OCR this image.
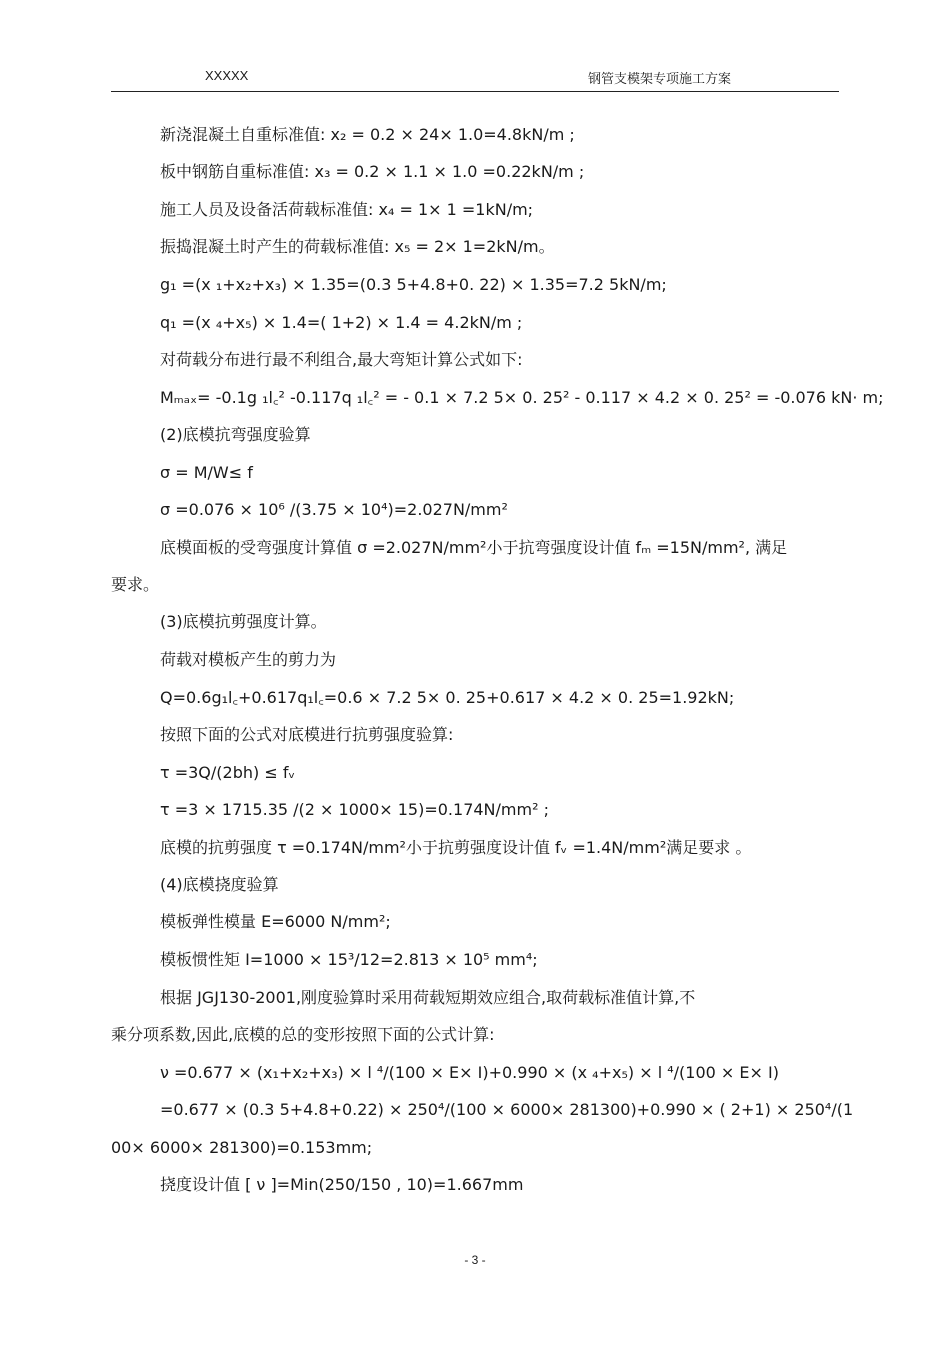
XXXXX	钢管支模架专项施工方案
新浇混凝土自重标准值: x₂ = 0.2 × 24× 1.0=4.8kN/m ;
板中钢筋自重标准值: x₃ = 0.2 × 1.1 × 1.0 =0.22kN/m ;
施工人员及设备活荷载标准值: x₄ = 1× 1 =1kN/m;
振捣混凝土时产生的荷载标准值: x₅ = 2× 1=2kN/m。
g₁ =(x ₁+x₂+x₃) × 1.35=(0.3 5+4.8+0. 22) × 1.35=7.2 5kN/m;
q₁ =(x ₄+x₅) × 1.4=( 1+2) × 1.4 = 4.2kN/m ;
对荷载分布进行最不利组合,最大弯矩计算公式如下:
Mₘₐₓ= -0.1g ₁l꜀² -0.117q ₁l꜀² = - 0.1 × 7.2 5× 0. 25² - 0.117 × 4.2 × 0. 25² = -0.076 kN· m;
(2)底模抗弯强度验算
σ = M/W≤ f
σ =0.076 × 10⁶ /(3.75 × 10⁴)=2.027N/mm²
底模面板的受弯强度计算值 σ =2.027N/mm²小于抗弯强度设计值 fₘ =15N/mm², 满足
要求。
(3)底模抗剪强度计算。
荷载对模板产生的剪力为
Q=0.6g₁l꜀+0.617q₁l꜀=0.6 × 7.2 5× 0. 25+0.617 × 4.2 × 0. 25=1.92kN;
按照下面的公式对底模进行抗剪强度验算:
τ =3Q/(2bh) ≤ fᵥ
τ =3 × 1715.35 /(2 × 1000× 15)=0.174N/mm² ;
底模的抗剪强度 τ =0.174N/mm²小于抗剪强度设计值 fᵥ =1.4N/mm²满足要求 。
(4)底模挠度验算
模板弹性模量 E=6000 N/mm²;
模板惯性矩 I=1000 × 15³/12=2.813 × 10⁵ mm⁴;
根据 JGJ130-2001,刚度验算时采用荷载短期效应组合,取荷载标准值计算,不
乘分项系数,因此,底模的总的变形按照下面的公式计算:
ν =0.677 × (x₁+x₂+x₃) × l ⁴/(100 × E× I)+0.990 × (x ₄+x₅) × l ⁴/(100 × E× I)
=0.677 × (0.3 5+4.8+0.22) × 250⁴/(100 × 6000× 281300)+0.990 × ( 2+1) × 250⁴/(1
00× 6000× 281300)=0.153mm;
挠度设计值 [ ν ]=Min(250/150 , 10)=1.667mm
- 3 -
